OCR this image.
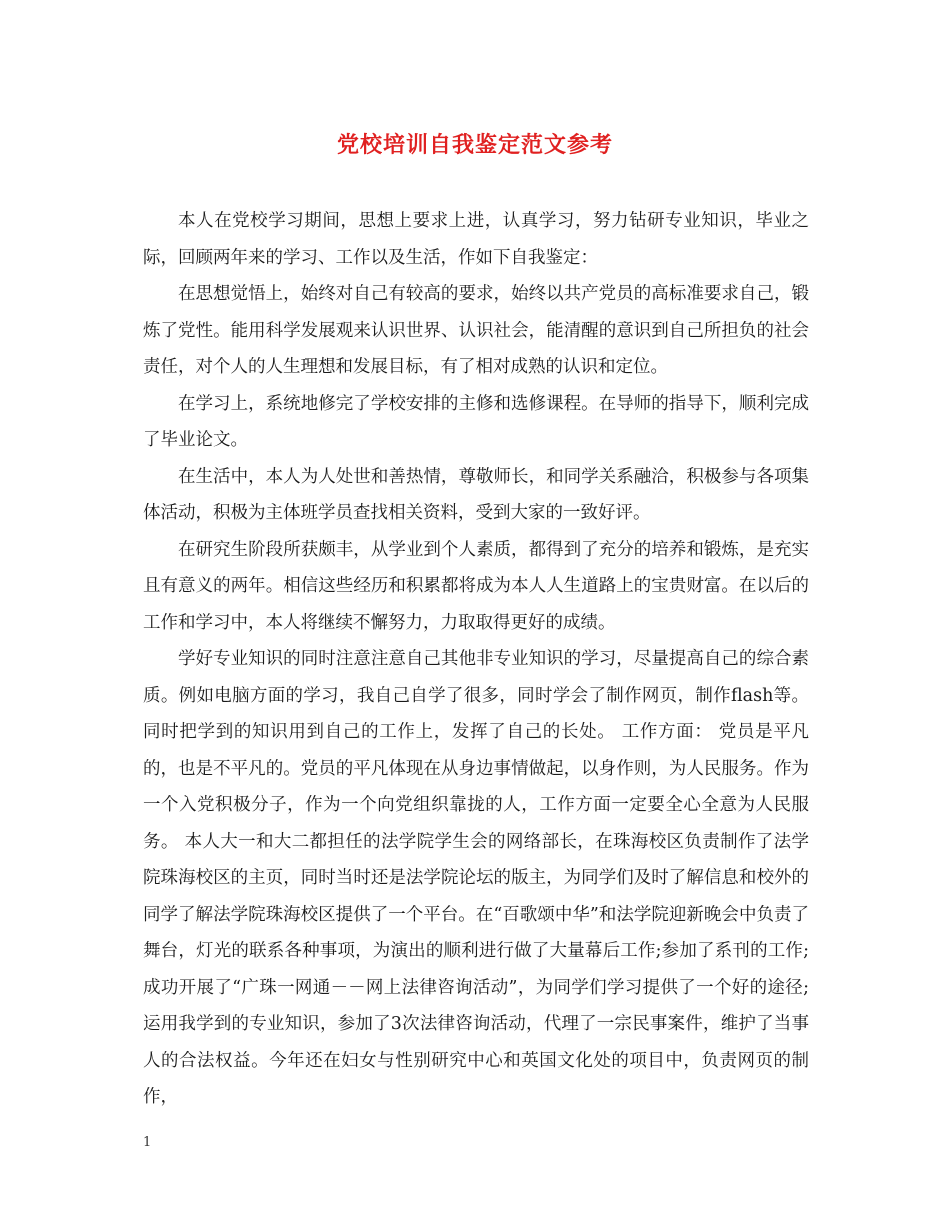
党校培训自我鉴定范文参考

本人在党校学习期间，思想上要求上进，认真学习，努力钻研专业知识，毕业之际，回顾两年来的学习、工作以及生活，作如下自我鉴定：

在思想觉悟上，始终对自己有较高的要求，始终以共产党员的高标准要求自己，锻炼了党性。能用科学发展观来认识世界、认识社会，能清醒的意识到自己所担负的社会责任，对个人的人生理想和发展目标，有了相对成熟的认识和定位。

在学习上，系统地修完了学校安排的主修和选修课程。在导师的指导下，顺利完成了毕业论文。

在生活中，本人为人处世和善热情，尊敬师长，和同学关系融洽，积极参与各项集体活动，积极为主体班学员查找相关资料，受到大家的一致好评。

在研究生阶段所获颇丰，从学业到个人素质，都得到了充分的培养和锻炼，是充实且有意义的两年。相信这些经历和积累都将成为本人人生道路上的宝贵财富。在以后的工作和学习中，本人将继续不懈努力，力取取得更好的成绩。

学好专业知识的同时注意注意自己其他非专业知识的学习，尽量提高自己的综合素质。例如电脑方面的学习，我自己自学了很多，同时学会了制作网页，制作flash等。同时把学到的知识用到自己的工作上，发挥了自己的长处。 工作方面： 党员是平凡的，也是不平凡的。党员的平凡体现在从身边事情做起，以身作则，为人民服务。作为一个入党积极分子，作为一个向党组织靠拢的人，工作方面一定要全心全意为人民服务。 本人大一和大二都担任的法学院学生会的网络部长，在珠海校区负责制作了法学院珠海校区的主页，同时当时还是法学院论坛的版主，为同学们及时了解信息和校外的同学了解法学院珠海校区提供了一个平台。在“百歌颂中华”和法学院迎新晚会中负责了舞台，灯光的联系各种事项，为演出的顺利进行做了大量幕后工作;参加了系刊的工作;成功开展了“广珠一网通－－网上法律咨询活动”，为同学们学习提供了一个好的途径;运用我学到的专业知识，参加了3次法律咨询活动，代理了一宗民事案件，维护了当事人的合法权益。今年还在妇女与性别研究中心和英国文化处的项目中，负责网页的制作，

1
